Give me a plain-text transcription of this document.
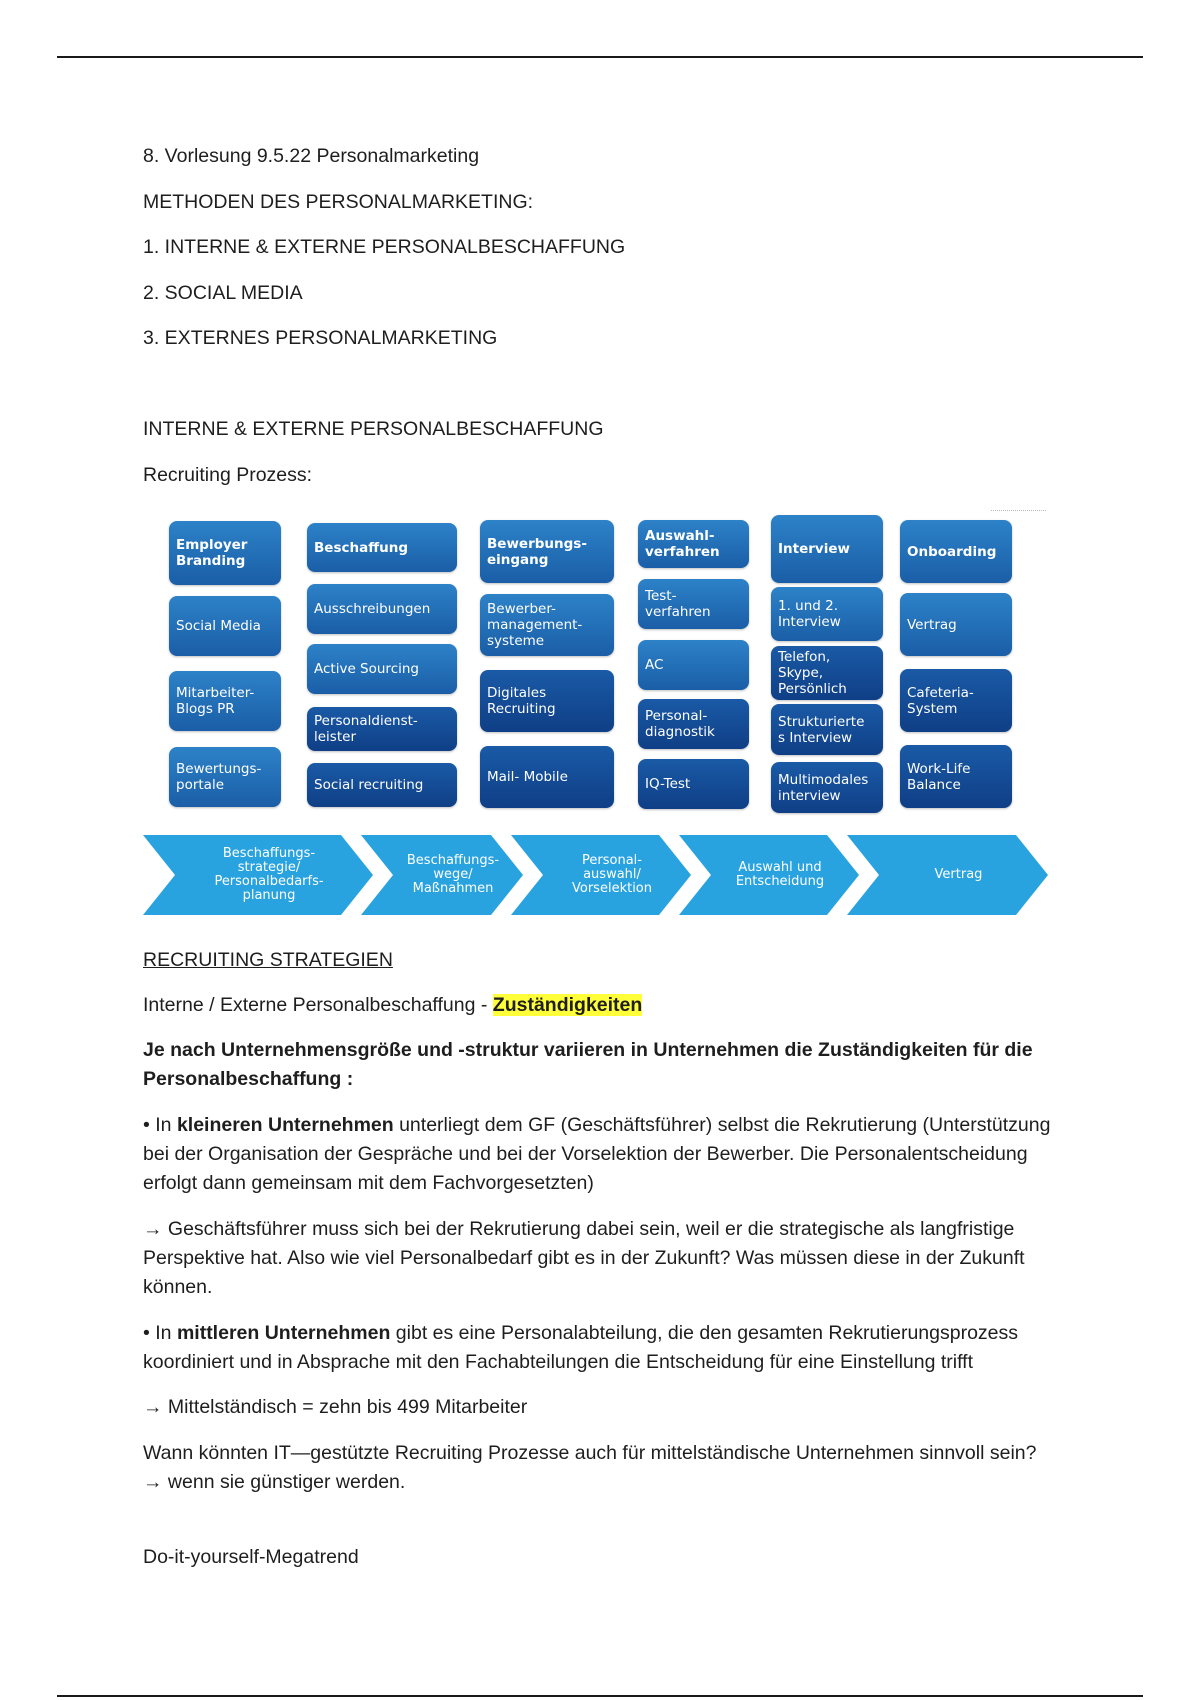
8. Vorlesung 9.5.22 Personalmarketing

METHODEN DES PERSONALMARKETING:

1. INTERNE & EXTERNE PERSONALBESCHAFFUNG

2. SOCIAL MEDIA

3. EXTERNES PERSONALMARKETING

INTERNE & EXTERNE PERSONALBESCHAFFUNG

Recruiting Prozess:

Employer
Branding
Social Media
Mitarbeiter-
Blogs PR
Bewertungs-
portale
Beschaffung
Ausschreibungen
Active Sourcing
Personaldienst-
leister
Social recruiting
Bewerbungs-
eingang
Bewerber-
management-
systeme
Digitales
Recruiting
Mail- Mobile
Auswahl-
verfahren
Test-
verfahren
AC
Personal-
diagnostik
IQ-Test
Interview
1. und 2.
Interview
Telefon,
Skype,
Persönlich
Strukturierte
s Interview
Multimodales
interview
Onboarding
Vertrag
Cafeteria-
System
Work-Life
Balance
Beschaffungs-
strategie/
Personalbedarfs-
planung
Beschaffungs-
wege/
Maßnahmen
Personal-
auswahl/
Vorselektion
Auswahl und
Entscheidung	Vertrag

RECRUITING STRATEGIEN

Interne / Externe Personalbeschaffung - Zuständigkeiten

Je nach Unternehmensgröße und -struktur variieren in Unternehmen die Zuständigkeiten für die Personalbeschaffung :

• In kleineren Unternehmen unterliegt dem GF (Geschäftsführer) selbst die Rekrutierung (Unterstützung bei der Organisation der Gespräche und bei der Vorselektion der Bewerber. Die Personalentscheidung erfolgt dann gemeinsam mit dem Fachvorgesetzten)

→ Geschäftsführer muss sich bei der Rekrutierung dabei sein, weil er die strategische als langfristige Perspektive hat. Also wie viel Personalbedarf gibt es in der Zukunft? Was müssen diese in der Zukunft können.

• In mittleren Unternehmen gibt es eine Personalabteilung, die den gesamten Rekrutierungsprozess koordiniert und in Absprache mit den Fachabteilungen die Entscheidung für eine Einstellung trifft

→ Mittelständisch = zehn bis 499 Mitarbeiter

Wann könnten IT—gestützte Recruiting Prozesse auch für mittelständische Unternehmen sinnvoll sein?
→ wenn sie günstiger werden.

Do-it-yourself-Megatrend
